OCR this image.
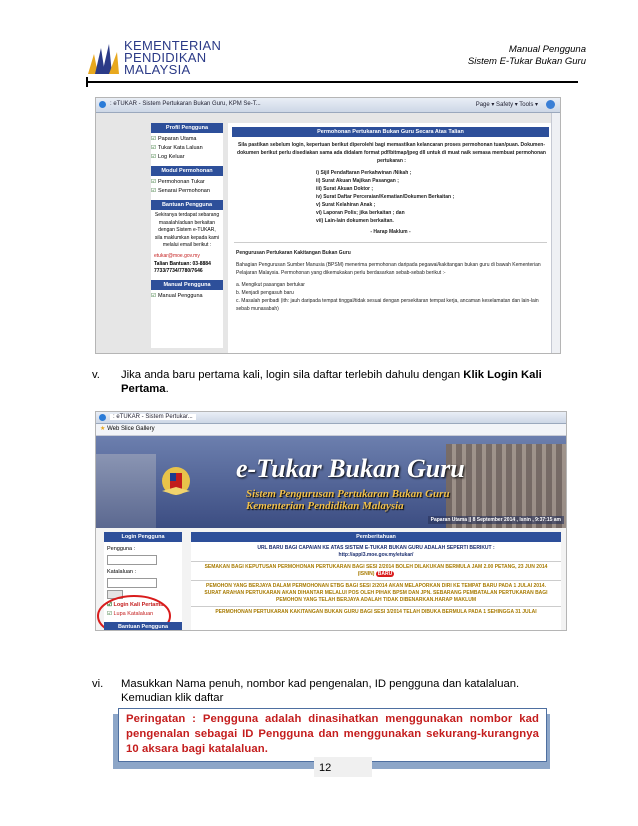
KEMENTERIAN
PENDIDIKAN
MALAYSIA
Manual Pengguna
Sistem E-Tukar Bukan Guru
: eTUKAR - Sistem Pertukaran Bukan Guru, KPM Se-T...	Page ▾ Safety ▾ Tools ▾
Profil Pengguna
☑ Paparan Utama
☑ Tukar Kata Laluan
☑ Log Keluar
Modul Permohonan
☑ Permohonan Tukar
☑ Senarai Permohonan
Bantuan Pengguna
Sekiranya terdapat sebarang masalah/aduan berkaitan dengan Sistem e-TUKAR, sila maklumkan kepada kami melalui email berikut :
etukar@moe.gov.my
Talian Bantuan: 03-8884 7733/7734/7780/7646
Manual Pengguna
☑ Manual Pengguna
Permohonan Pertukaran Bukan Guru Secara Atas Talian
Sila pastikan sebelum login, kepertuan berikut diperolehi bagi memastikan kelancaran proses permohonan tuan/puan. Dokumen-dokumen berikut perlu disediakan sama ada didalam format pdf/bitmap/jpeg dll untuk di muat naik semasa membuat permohonan pertukaran :
i) Sijil Pendaftaran Perkahwinan /Nikah ;
ii) Surat Akuan Majikan Pasangan ;
iii) Surat Akuan Doktor ;
iv) Surat Daftar Perceraian/Kematian/Dokumen Berkaitan ;
v) Surat Kelahiran Anak ;
vi) Laporan Polis; jika berkaitan ; dan
vii) Lain-lain dokumen berkaitan.
- Harap Maklum -
Pengurusan Pertukaran Kakitangan Bukan Guru
Bahagian Pengurusan Sumber Manusia (BPSM) menerima permohonan daripada pegawai/kakitangan bukan guru di bawah Kementerian Pelajaran Malaysia. Permohonan yang dikemukakan perlu berdasarkan sebab-sebab berikut :-
a. Mengikut pasangan bertukar
b. Menjadi pengasuh baru
c. Masalah peribadi (ith: jauh daripada tempat tinggal/tidak sesuai dengan persekitaran tempat kerja, ancaman keselamatan dan lain-lain sebab munasabah)
v. Jika anda baru pertama kali, login sila daftar terlebih dahulu dengan Klik Login Kali Pertama.
: eTUKAR - Sistem Pertukar...
★ Web Slice Gallery
e-Tukar Bukan Guru
Sistem Pengurusan Pertukaran Bukan Guru
Kementerian Pendidikan Malaysia
Paparan Utama || 8 September 2014 , Isnin , 9:37:15 am
Login Pengguna
Pengguna :
Katalaluan :
☑ Login Kali Pertama
☑ Lupa Katalaluan
Pemberitahuan
URL BARU BAGI CAPAIAN KE ATAS SISTEM E-TUKAR BUKAN GURU ADALAH SEPERTI BERIKUT :
http://appl3.moe.gov.my/etukar/
SEMAKAN BAGI KEPUTUSAN PERMOHONAN PERTUKARAN BAGI SESI 2/2014 BOLEH DILAKUKAN BERMULA JAM 2.00 PETANG, 23 JUN 2014 (ISNIN) BARU
PEMOHON YANG BERJAYA DALAM PERMOHONAN ETBG BAGI SESI 2/2014 AKAN MELAPORKAN DIRI KE TEMPAT BARU PADA 1 JULAI 2014. SURAT ARAHAN PERTUKARAN AKAN DIHANTAR MELALUI POS OLEH PIHAK BPSM DAN JPN. SEBARANG PEMBATALAN PERTUKARAN BAGI PEMOHON YANG TELAH BERJAYA ADALAH TIDAK DIBENARKAN.HARAP MAKLUM
PERMOHONAN PERTUKARAN KAKITANGAN BUKAN GURU BAGI SESI 3/2014 TELAH DIBUKA BERMULA PADA 1 SEHINGGA 31 JULAI
Bantuan Pengguna
vi. Masukkan Nama penuh, nombor kad pengenalan, ID pengguna dan katalaluan. Kemudian klik daftar

Peringatan : Pengguna adalah dinasihatkan menggunakan nombor kad pengenalan sebagai ID Pengguna dan menggunakan sekurang-kurangnya 10 aksara bagi katalaluan.

12
